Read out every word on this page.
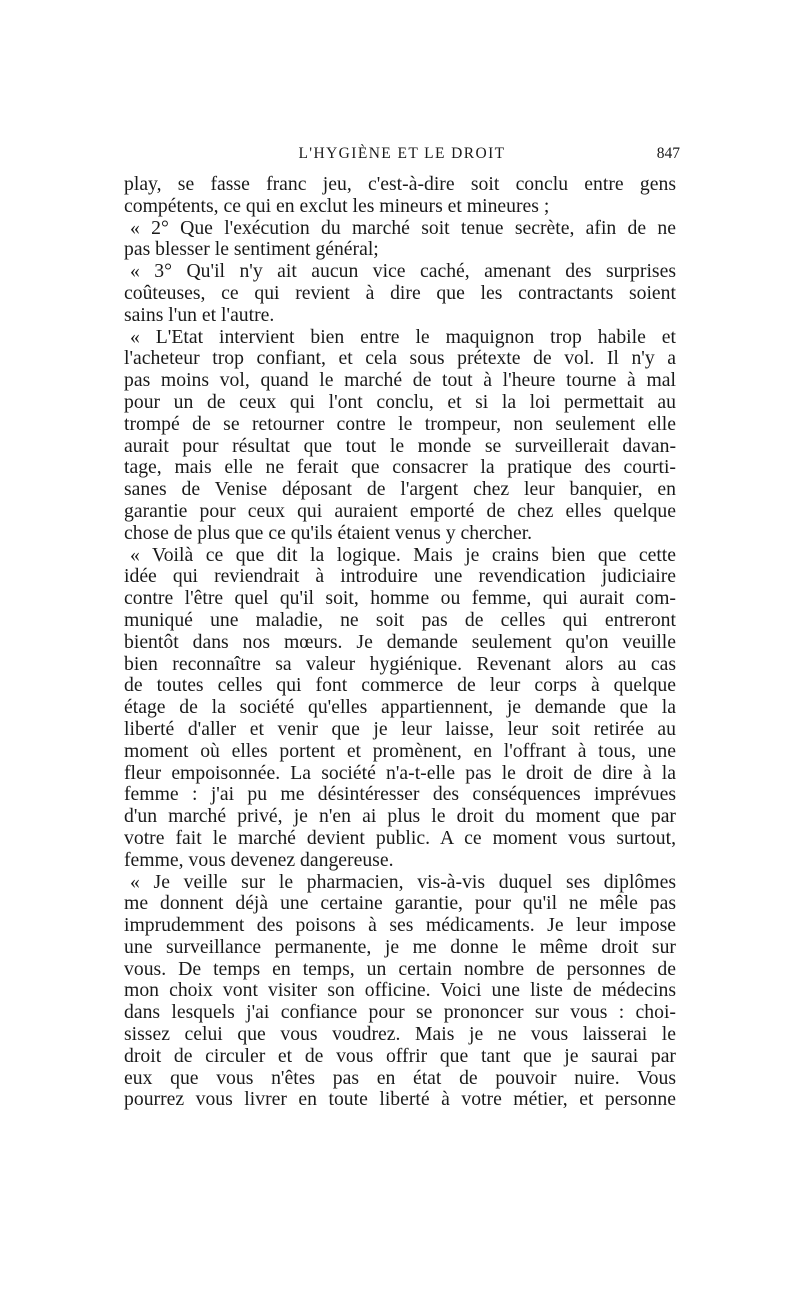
L'HYGIÈNE ET LE DROIT	847
play, se fasse franc jeu, c'est-à-dire soit conclu entre gens
compétents, ce qui en exclut les mineurs et mineures ;
« 2° Que l'exécution du marché soit tenue secrète, afin de ne
pas blesser le sentiment général;
« 3° Qu'il n'y ait aucun vice caché, amenant des surprises
coûteuses, ce qui revient à dire que les contractants soient
sains l'un et l'autre.
« L'Etat intervient bien entre le maquignon trop habile et
l'acheteur trop confiant, et cela sous prétexte de vol. Il n'y a
pas moins vol, quand le marché de tout à l'heure tourne à mal
pour un de ceux qui l'ont conclu, et si la loi permettait au
trompé de se retourner contre le trompeur, non seulement elle
aurait pour résultat que tout le monde se surveillerait davan-
tage, mais elle ne ferait que consacrer la pratique des courti-
sanes de Venise déposant de l'argent chez leur banquier, en
garantie pour ceux qui auraient emporté de chez elles quelque
chose de plus que ce qu'ils étaient venus y chercher.
« Voilà ce que dit la logique. Mais je crains bien que cette
idée qui reviendrait à introduire une revendication judiciaire
contre l'être quel qu'il soit, homme ou femme, qui aurait com-
muniqué une maladie, ne soit pas de celles qui entreront
bientôt dans nos mœurs. Je demande seulement qu'on veuille
bien reconnaître sa valeur hygiénique. Revenant alors au cas
de toutes celles qui font commerce de leur corps à quelque
étage de la société qu'elles appartiennent, je demande que la
liberté d'aller et venir que je leur laisse, leur soit retirée au
moment où elles portent et promènent, en l'offrant à tous, une
fleur empoisonnée. La société n'a-t-elle pas le droit de dire à la
femme : j'ai pu me désintéresser des conséquences imprévues
d'un marché privé, je n'en ai plus le droit du moment que par
votre fait le marché devient public. A ce moment vous surtout,
femme, vous devenez dangereuse.
« Je veille sur le pharmacien, vis-à-vis duquel ses diplômes
me donnent déjà une certaine garantie, pour qu'il ne mêle pas
imprudemment des poisons à ses médicaments. Je leur impose
une surveillance permanente, je me donne le même droit sur
vous. De temps en temps, un certain nombre de personnes de
mon choix vont visiter son officine. Voici une liste de médecins
dans lesquels j'ai confiance pour se prononcer sur vous : choi-
sissez celui que vous voudrez. Mais je ne vous laisserai le
droit de circuler et de vous offrir que tant que je saurai par
eux que vous n'êtes pas en état de pouvoir nuire. Vous
pourrez vous livrer en toute liberté à votre métier, et personne
